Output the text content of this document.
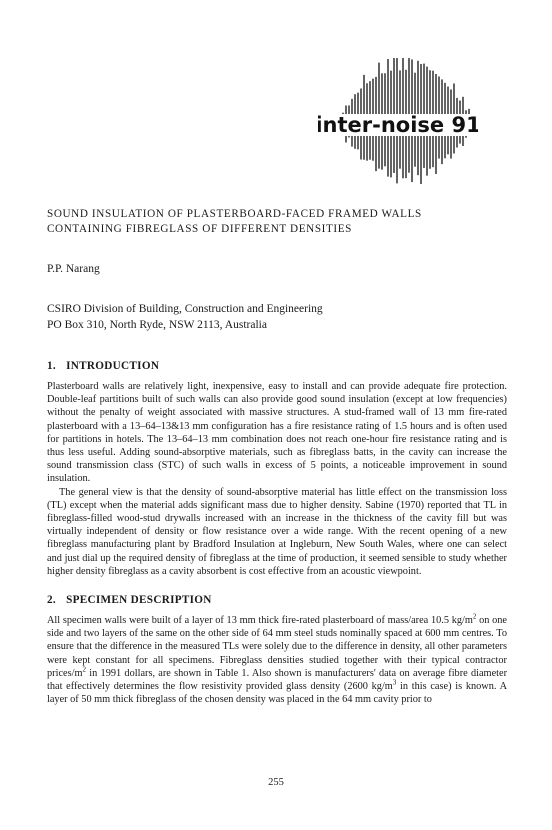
inter-noise 91
SOUND INSULATION OF PLASTERBOARD-FACED FRAMED WALLS
CONTAINING FIBREGLASS OF DIFFERENT DENSITIES
P.P. Narang
CSIRO Division of Building, Construction and Engineering
PO Box 310, North Ryde, NSW 2113, Australia
1. INTRODUCTION

Plasterboard walls are relatively light, inexpensive, easy to install and can provide adequate fire protection. Double-leaf partitions built of such walls can also provide good sound insulation (except at low frequencies) without the penalty of weight associated with massive structures. A stud-framed wall of 13 mm fire-rated plasterboard with a 13–64–13&13 mm configuration has a fire resistance rating of 1.5 hours and is often used for partitions in hotels. The 13–64–13 mm combination does not reach one-hour fire resistance rating and is thus less useful. Adding sound-absorptive materials, such as fibreglass batts, in the cavity can increase the sound transmission class (STC) of such walls in excess of 5 points, a noticeable improvement in sound insulation.

The general view is that the density of sound-absorptive material has little effect on the transmission loss (TL) except when the material adds significant mass due to higher density. Sabine (1970) reported that TL in fibreglass-filled wood-stud drywalls increased with an increase in the thickness of the cavity fill but was virtually independent of density or flow resistance over a wide range. With the recent opening of a new fibreglass manufacturing plant by Bradford Insulation at Ingleburn, New South Wales, where one can select and just dial up the required density of fibreglass at the time of production, it seemed sensible to study whether higher density fibreglass as a cavity absorbent is cost effective from an acoustic viewpoint.

2. SPECIMEN DESCRIPTION

All specimen walls were built of a layer of 13 mm thick fire-rated plasterboard of mass/area 10.5 $kg/m^2$ on one side and two layers of the same on the other side of 64 mm steel studs nominally spaced at 600 mm centres. To ensure that the difference in the measured TLs were solely due to the difference in density, all other parameters were kept constant for all specimens. Fibreglass densities studied together with their typical contractor prices/$m^2$ in 1991 dollars, are shown in Table 1. Also shown is manufacturers' data on average fibre diameter that effectively determines the flow resistivity provided glass density (2600 $kg/m^3$ in this case) is known. A layer of 50 mm thick fibreglass of the chosen density was placed in the 64 mm cavity prior to

255
